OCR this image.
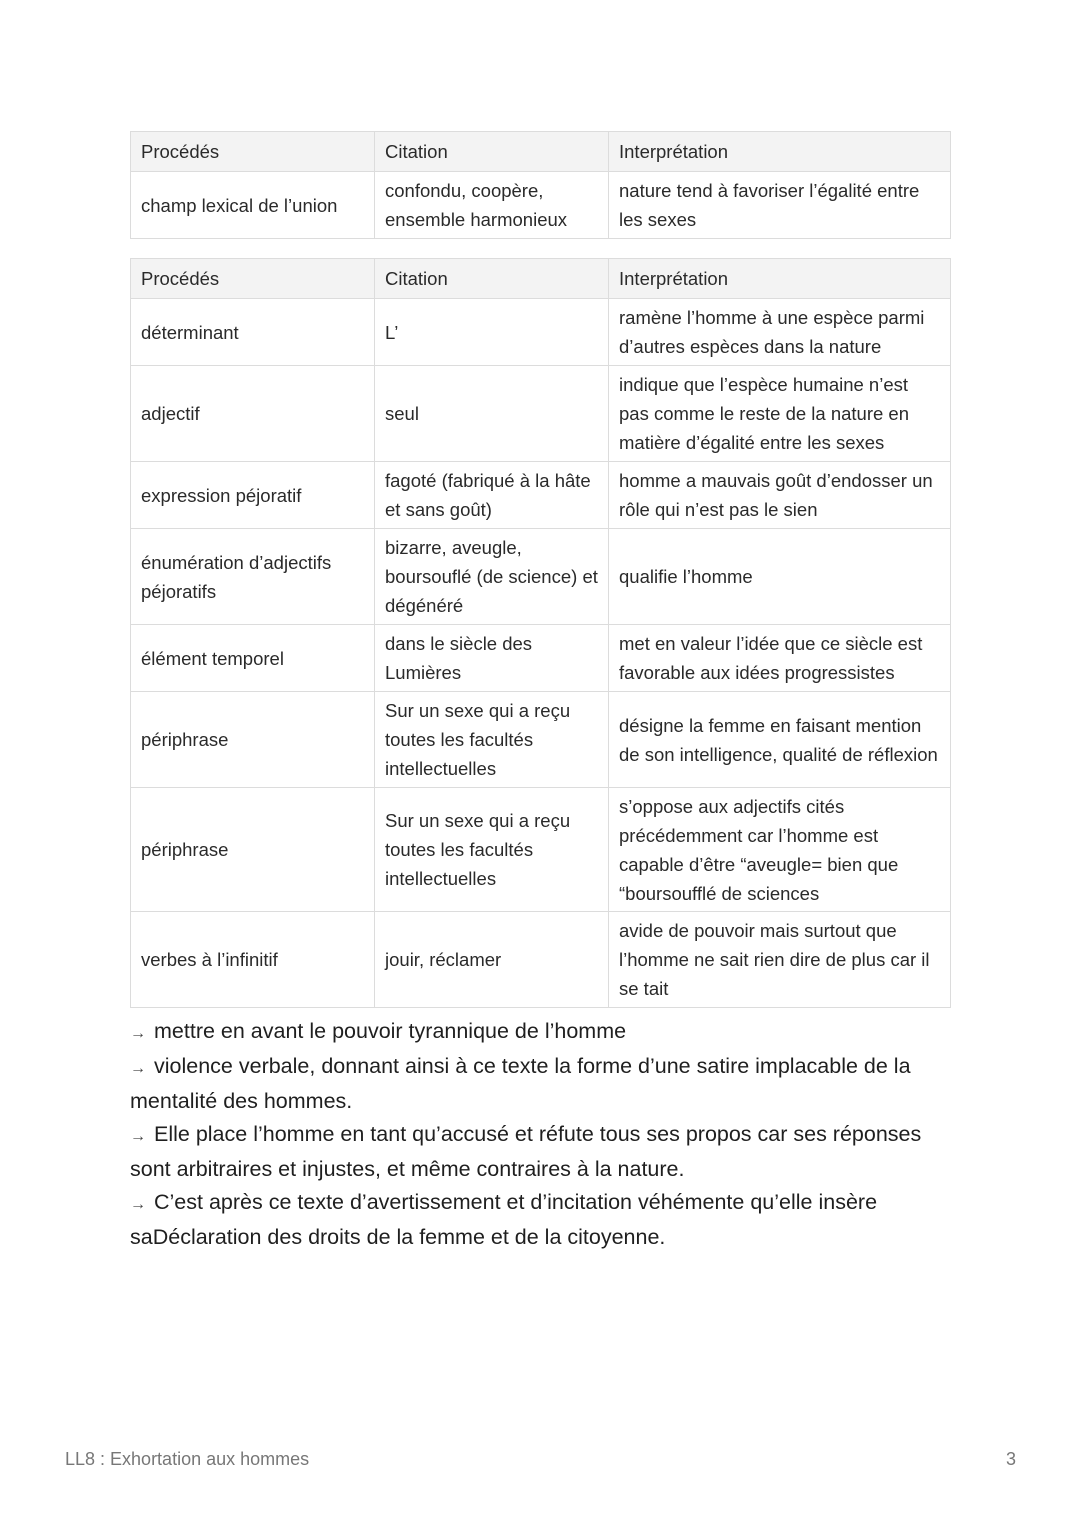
Procédés	Citation	Interprétation
champ lexical de l’union	confondu, coopère, ensemble harmonieux	nature tend à favoriser l’égalité entre les sexes
Procédés	Citation	Interprétation
déterminant	L’	ramène l’homme à une espèce parmi d’autres espèces dans la nature
adjectif	seul	indique que l’espèce humaine n’est pas comme le reste de la nature en matière d’égalité entre les sexes
expression péjoratif	fagoté (fabriqué à la hâte et sans goût)	homme a mauvais goût d’endosser un rôle qui n’est pas le sien
énumération d’adjectifs péjoratifs	bizarre, aveugle, boursouflé (de science) et dégénéré	qualifie l’homme
élément temporel	dans le siècle des Lumières	met en valeur l’idée que ce siècle est favorable aux idées progressistes
périphrase	Sur un sexe qui a reçu toutes les facultés intellectuelles	désigne la femme en faisant mention de son intelligence, qualité de réflexion
périphrase	Sur un sexe qui a reçu toutes les facultés intellectuelles	s’oppose aux adjectifs cités précédemment car l’homme est capable d’être “aveugle= bien que “boursoufflé de sciences
verbes à l’infinitif	jouir, réclamer	avide de pouvoir mais surtout que l’homme ne sait rien dire de plus car il se tait

→ mettre en avant le pouvoir tyrannique de l’homme

→ violence verbale, donnant ainsi à ce texte la forme d’une satire implacable de la mentalité des hommes.

→ Elle place l’homme en tant qu’accusé et réfute tous ses propos car ses réponses sont arbitraires et injustes, et même contraires à la nature.

→ C’est après ce texte d’avertissement et d’incitation véhémente qu’elle insère saDéclaration des droits de la femme et de la citoyenne.

LL8 : Exhortation aux hommes	3
